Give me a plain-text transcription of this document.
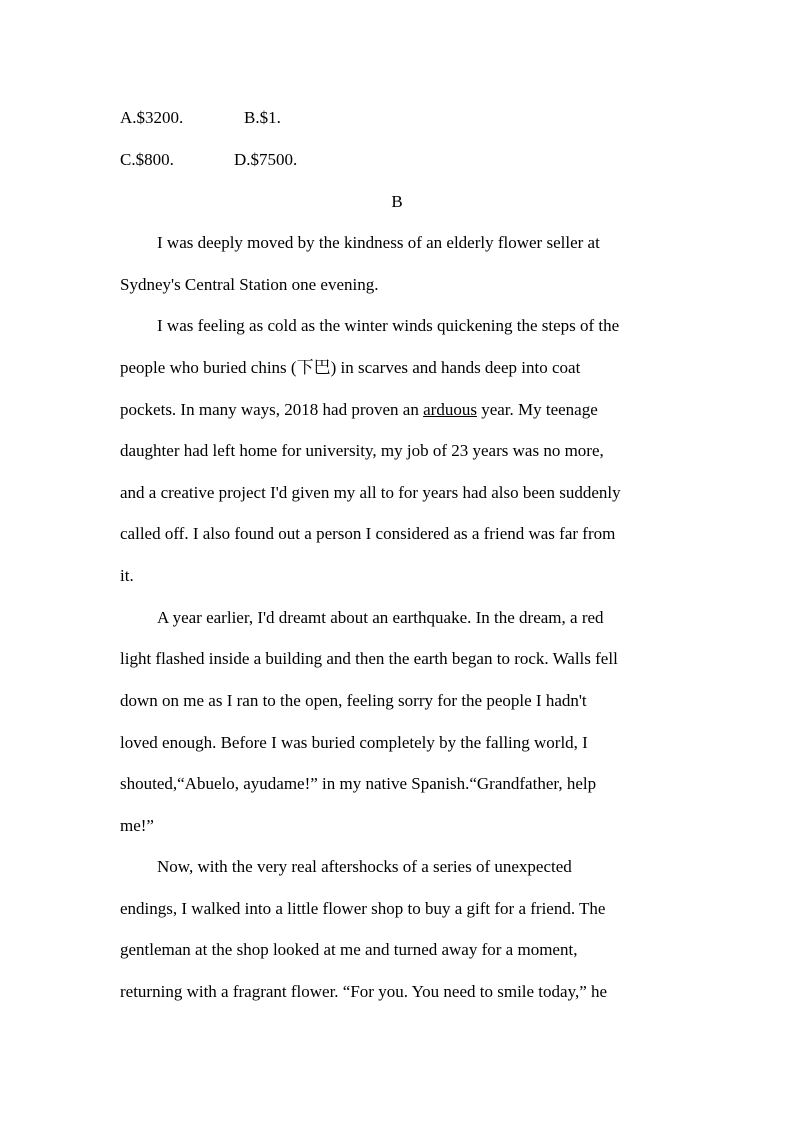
A.$3200.	B.$1.
C.$800.	D.$7500.
B
I was deeply moved by the kindness of an elderly flower seller at
Sydney's Central Station one evening.
I was feeling as cold as the winter winds quickening the steps of the
people who buried chins (下巴) in scarves and hands deep into coat
pockets. In many ways, 2018 had proven an arduous year. My teenage
daughter had left home for university, my job of 23 years was no more,
and a creative project I'd given my all to for years had also been suddenly
called off. I also found out a person I considered as a friend was far from
it.
A year earlier, I'd dreamt about an earthquake. In the dream, a red
light flashed inside a building and then the earth began to rock. Walls fell
down on me as I ran to the open, feeling sorry for the people I hadn't
loved enough. Before I was buried completely by the falling world, I
shouted,“Abuelo, ayudame!” in my native Spanish.“Grandfather, help
me!”
Now, with the very real aftershocks of a series of unexpected
endings, I walked into a little flower shop to buy a gift for a friend. The
gentleman at the shop looked at me and turned away for a moment,
returning with a fragrant flower. “For you. You need to smile today,” he
